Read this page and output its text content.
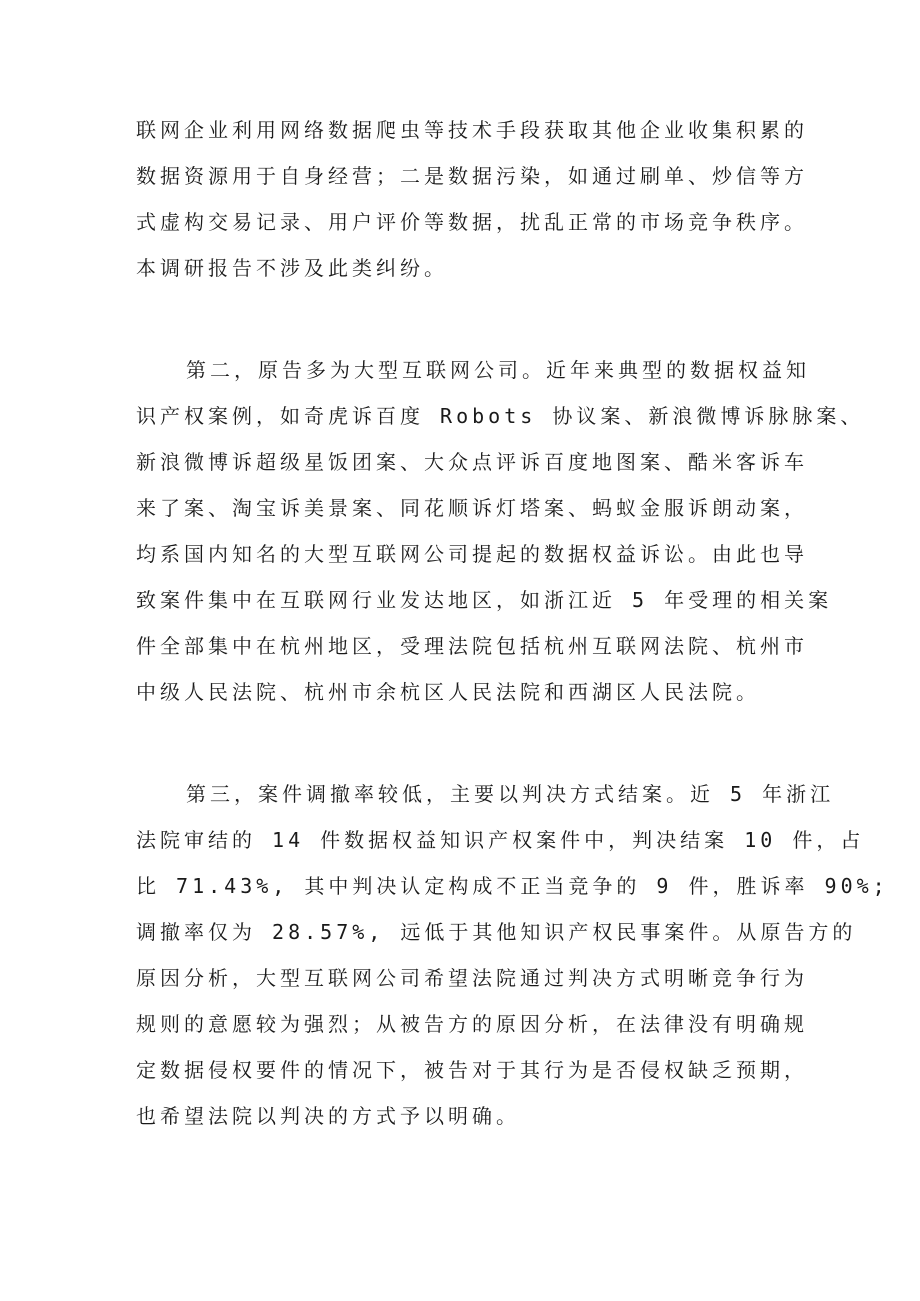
联网企业利用网络数据爬虫等技术手段获取其他企业收集积累的
数据资源用于自身经营；二是数据污染，如通过刷单、炒信等方
式虚构交易记录、用户评价等数据，扰乱正常的市场竞争秩序。
本调研报告不涉及此类纠纷。
第二，原告多为大型互联网公司。近年来典型的数据权益知
识产权案例，如奇虎诉百度 Robots 协议案、新浪微博诉脉脉案、
新浪微博诉超级星饭团案、大众点评诉百度地图案、酷米客诉车
来了案、淘宝诉美景案、同花顺诉灯塔案、蚂蚁金服诉朗动案，
均系国内知名的大型互联网公司提起的数据权益诉讼。由此也导
致案件集中在互联网行业发达地区，如浙江近 5 年受理的相关案
件全部集中在杭州地区，受理法院包括杭州互联网法院、杭州市
中级人民法院、杭州市余杭区人民法院和西湖区人民法院。
第三，案件调撤率较低，主要以判决方式结案。近 5 年浙江
法院审结的 14 件数据权益知识产权案件中，判决结案 10 件，占
比 71.43%, 其中判决认定构成不正当竞争的 9 件，胜诉率 90%;
调撤率仅为 28.57%, 远低于其他知识产权民事案件。从原告方的
原因分析，大型互联网公司希望法院通过判决方式明晰竞争行为
规则的意愿较为强烈；从被告方的原因分析，在法律没有明确规
定数据侵权要件的情况下，被告对于其行为是否侵权缺乏预期，
也希望法院以判决的方式予以明确。
